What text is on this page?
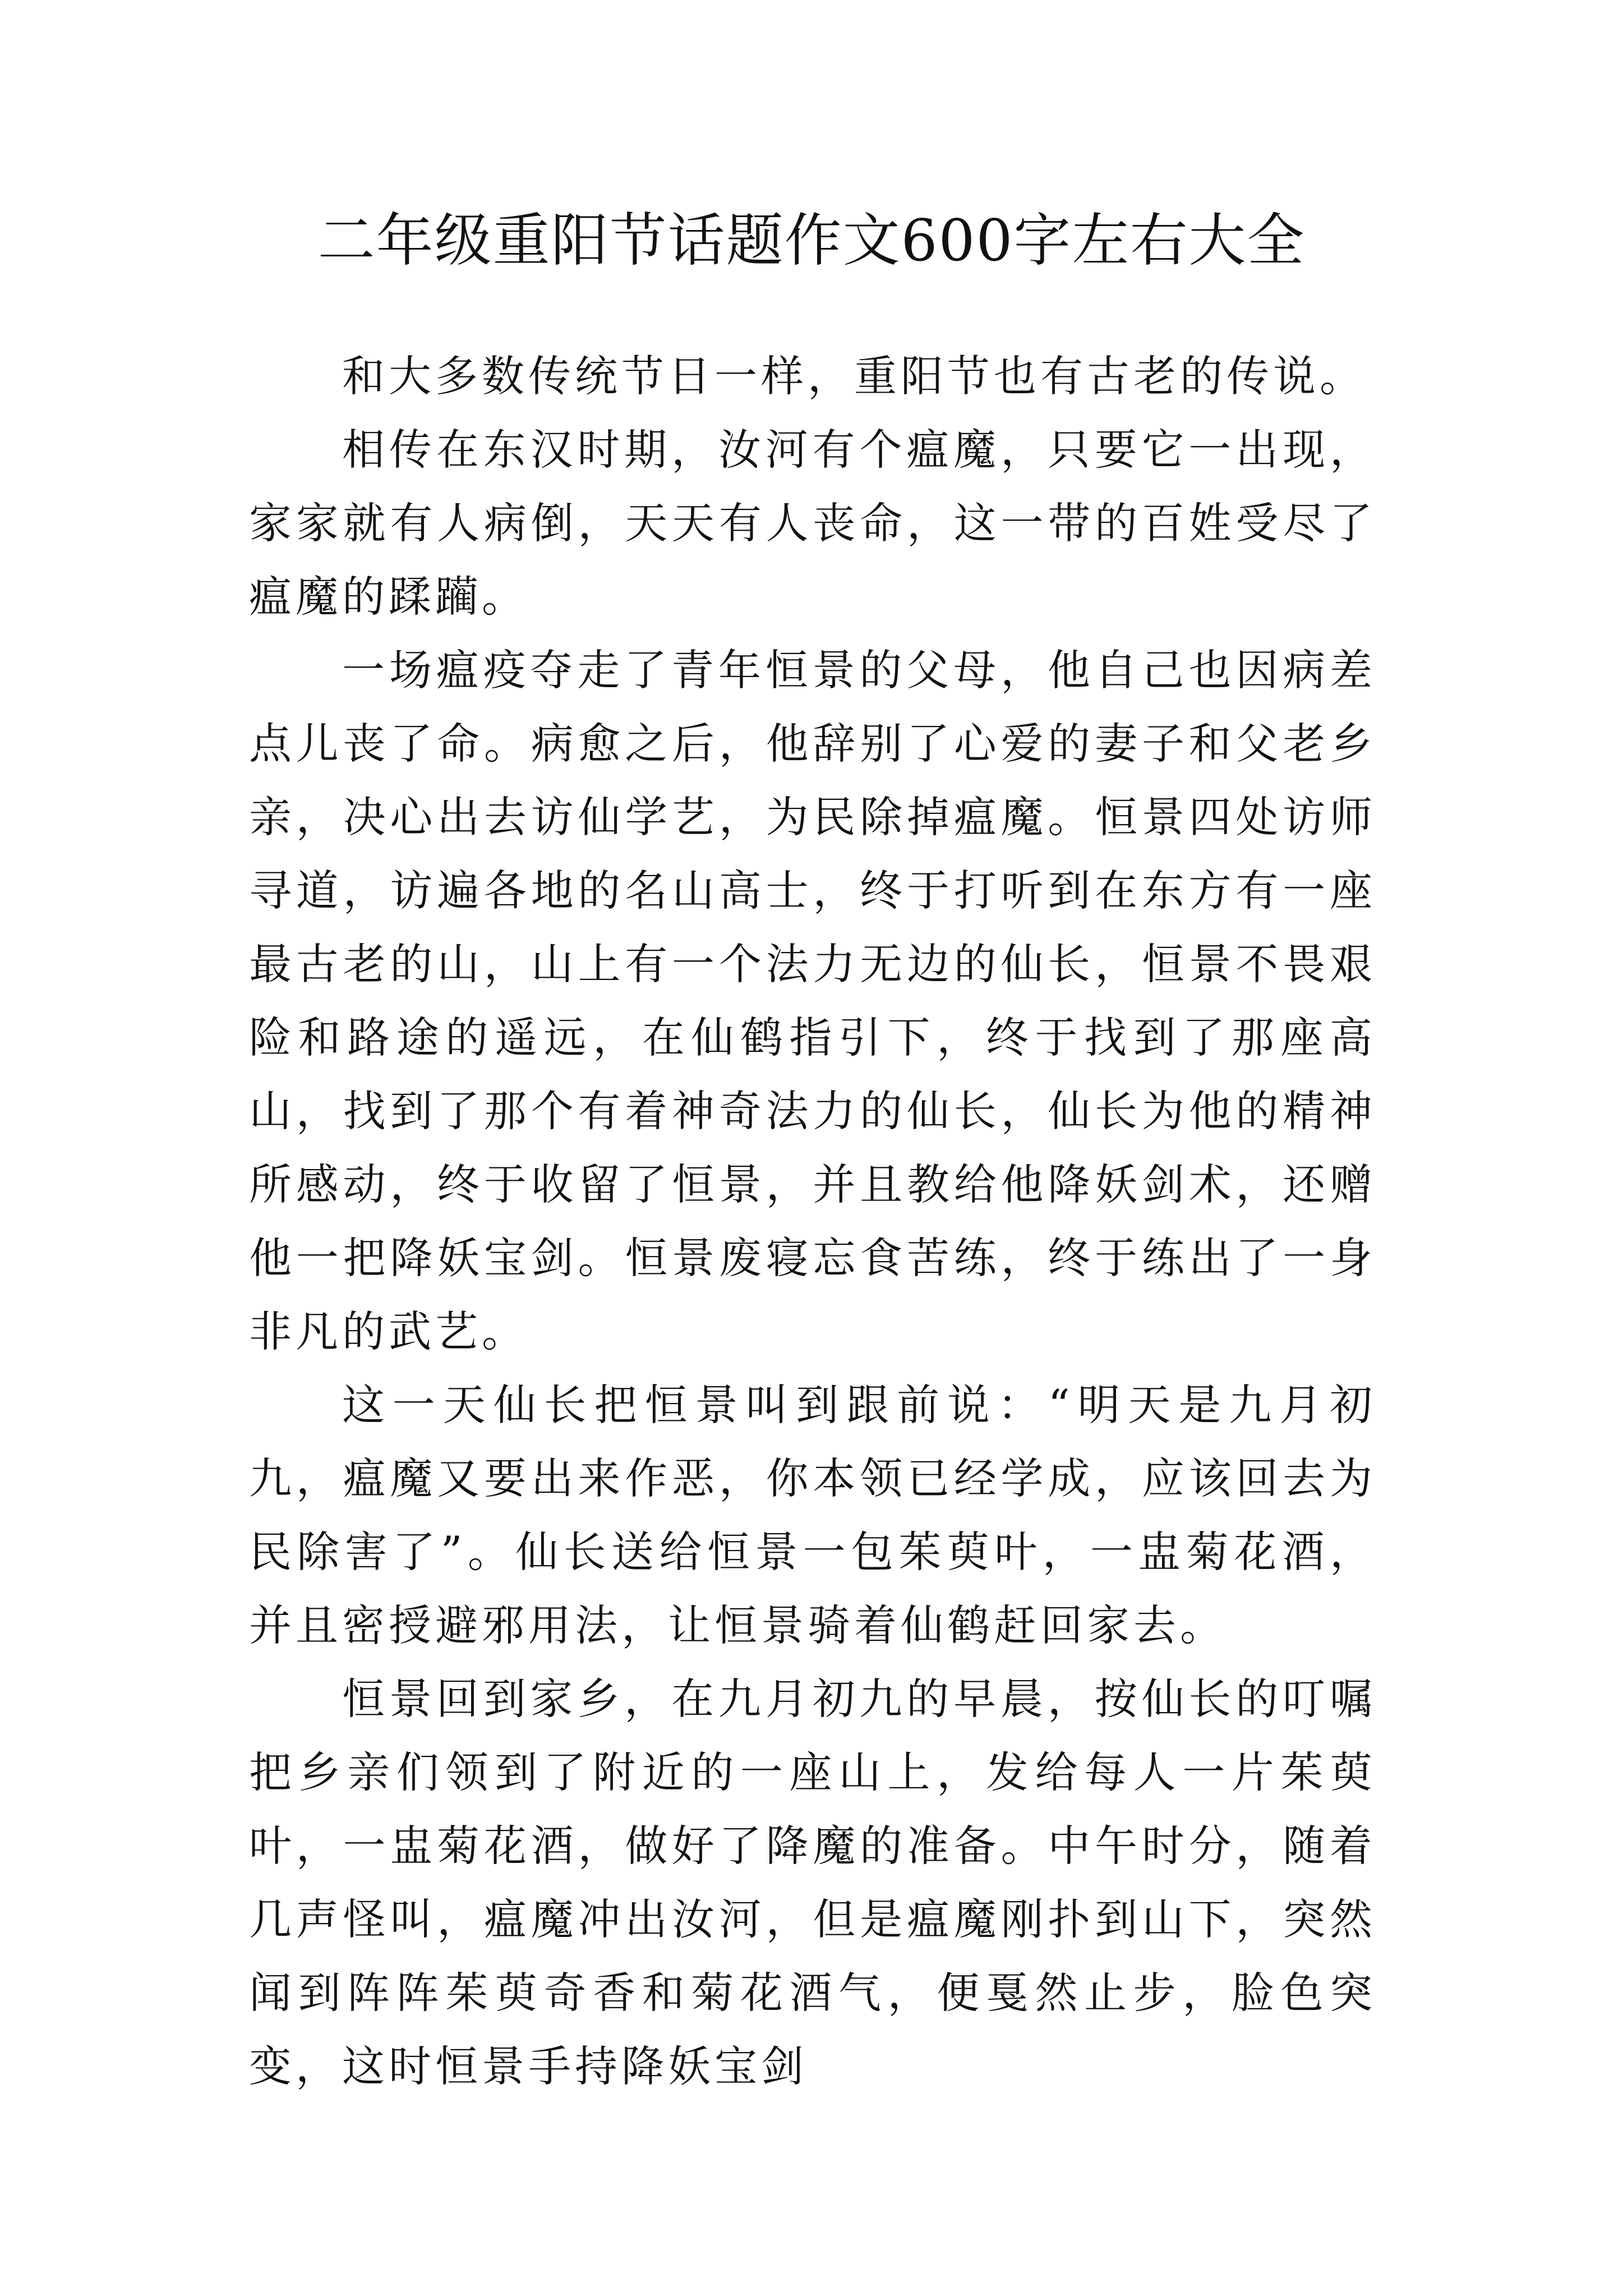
二年级重阳节话题作文600字左右大全

和大多数传统节日一样，重阳节也有古老的传说。

相传在东汉时期，汝河有个瘟魔，只要它一出现，家家就有人病倒，天天有人丧命，这一带的百姓受尽了瘟魔的蹂躏。

一场瘟疫夺走了青年恒景的父母，他自己也因病差点儿丧了命。病愈之后，他辞别了心爱的妻子和父老乡亲，决心出去访仙学艺，为民除掉瘟魔。恒景四处访师寻道，访遍各地的名山高士，终于打听到在东方有一座最古老的山，山上有一个法力无边的仙长，恒景不畏艰险和路途的遥远，在仙鹤指引下，终于找到了那座高山，找到了那个有着神奇法力的仙长，仙长为他的精神所感动，终于收留了恒景，并且教给他降妖剑术，还赠他一把降妖宝剑。恒景废寝忘食苦练，终于练出了一身非凡的武艺。

这一天仙长把恒景叫到跟前说：“明天是九月初九，瘟魔又要出来作恶，你本领已经学成，应该回去为民除害了”。仙长送给恒景一包茱萸叶，一盅菊花酒，并且密授避邪用法，让恒景骑着仙鹤赶回家去。

恒景回到家乡，在九月初九的早晨，按仙长的叮嘱把乡亲们领到了附近的一座山上，发给每人一片茱萸叶，一盅菊花酒，做好了降魔的准备。中午时分，随着几声怪叫，瘟魔冲出汝河，但是瘟魔刚扑到山下，突然闻到阵阵茱萸奇香和菊花酒气，便戛然止步，脸色突变，这时恒景手持降妖宝剑
